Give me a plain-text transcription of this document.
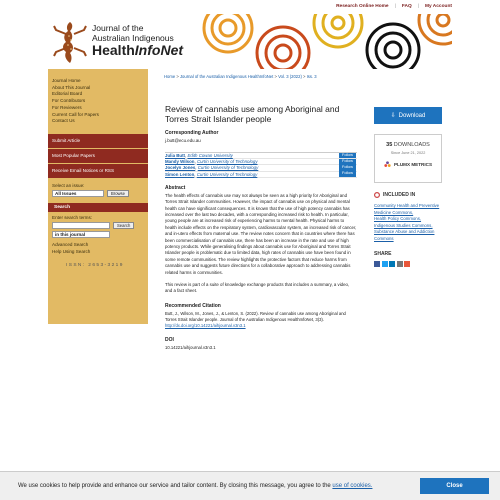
Research Online Home | FAQ | My Account
Journal of the
Australian Indigenous
HealthInfoNet
Journal Home
About This Journal
Editorial Board
For Contributors
For Reviewers
Current Call for Papers
Contact Us
Submit Article
Most Popular Papers
Receive Email Notices or RSS
Select an issue:
All Issues	Browse
Search
Enter search terms:
Search
in this journal
Advanced Search
Help Using Search
ISSN: 2653-3219
Home > Journal of the Australian Indigenous HealthInfoNet > Vol. 3 (2022) > Iss. 3
Review of cannabis use among Aboriginal and Torres Strait Islander people
Corresponding Author
j.butt@ecu.edu.au
Julia Butt, Edith Cowan University	Follow
Mandy Wilson, Curtin University of Technology	Follow
Jocelyn Jones, Curtin University of Technology	Follow
Simon Lenton, Curtin University of Technology	Follow
Abstract
The health effects of cannabis use may not always be seen as a high priority for Aboriginal and Torres Strait Islander communities. However, the impact of cannabis use on physical and mental health can have significant consequences. It is known that the use of high potency cannabis has increased over the last two decades, with a corresponding increased risk to health. In particular, young people are at increased risk of experiencing harms to mental health. Physical harms to health include effects on the respiratory system, cardiovascular system, an increased risk of cancer, and in-utero effects from maternal use. The review notes concern that in countries where there has been commercialisation of cannabis use, there has been an increase in the rate and use of high potency products. While generalising findings about cannabis use for Aboriginal and Torres Strait Islander people is problematic due to limited data, high rates of cannabis use have been found in some remote communities. The review highlights the protective factors that reduce harms from cannabis use and suggests future directions for a collaborative approach to addressing cannabis related harms in communities.
This review is part of a suite of knowledge exchange products that includes a summary, a video, and a fact sheet.
Recommended Citation
Butt, J., Wilson, M., Jones, J., & Lenton, S. (2022). Review of cannabis use among Aboriginal and Torres Strait Islander people. Journal of the Australian Indigenous HealthInfoNet, 3(3).
http://dx.doi.org/10.14221/aihjournal.v3n3.1
DOI
10.14221/aihjournal.v3n3.1
⇩ Download
35 DOWNLOADS
Since June 21, 2022
PLUMX METRICS
INCLUDED IN
Community Health and Preventive Medicine Commons,
Health Policy Commons,
Indigenous Studies Commons,
Substance Abuse and Addiction Commons
SHARE
We use cookies to help provide and enhance our service and tailor content. By closing this message, you agree to the use of cookies.	Close
